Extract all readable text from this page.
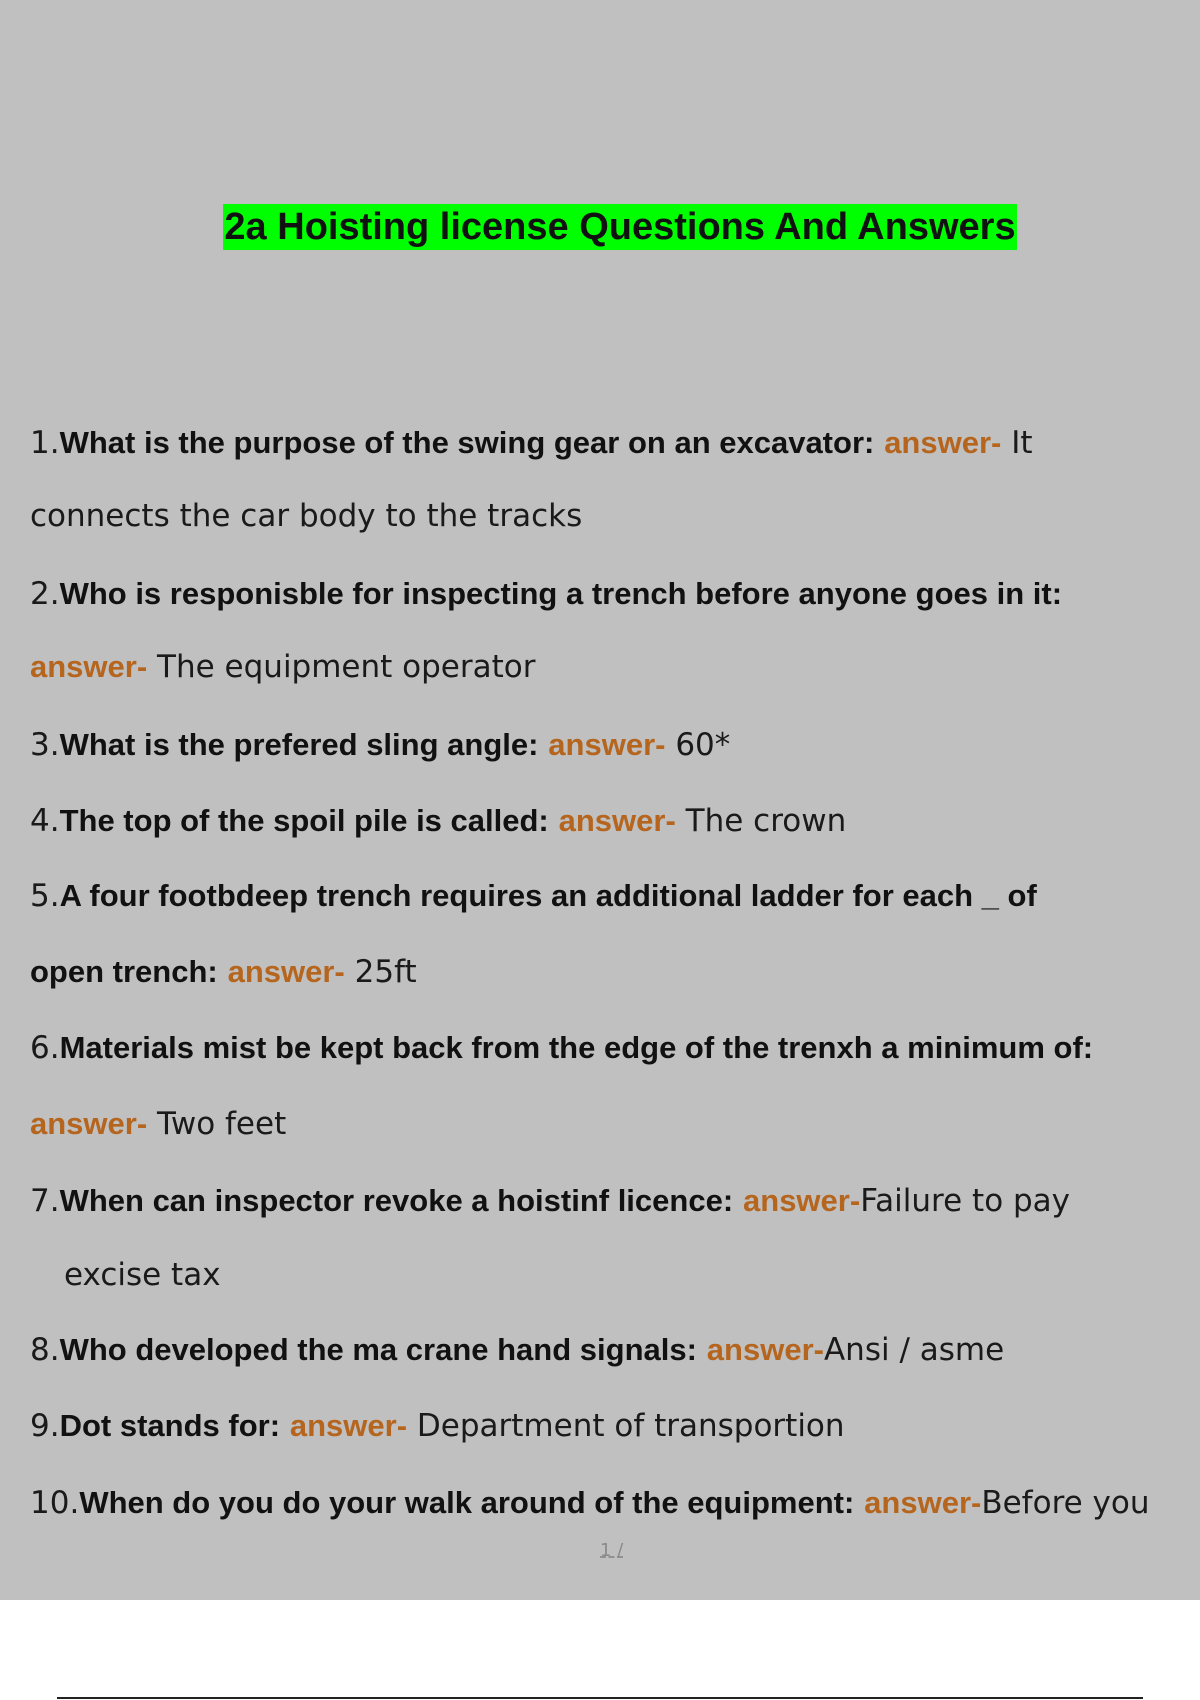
2a Hoisting license Questions And Answers
1.What is the purpose of the swing gear on an excavator: answer- It
connects the car body to the tracks
2.Who is responisble for inspecting a trench before anyone goes in it:
answer- The equipment operator
3.What is the prefered sling angle: answer- 60*
4.The top of the spoil pile is called: answer- The crown
5.A four footbdeep trench requires an additional ladder for each _ of
open trench: answer- 25ft
6.Materials mist be kept back from the edge of the trenxh a minimum of:
answer- Two feet
7.When can inspector revoke a hoistinf licence: answer-Failure to pay
excise tax
8.Who developed the ma crane hand signals: answer-Ansi / asme
9.Dot stands for: answer- Department of transportion
10.When do you do your walk around of the equipment: answer-Before you
1 /
